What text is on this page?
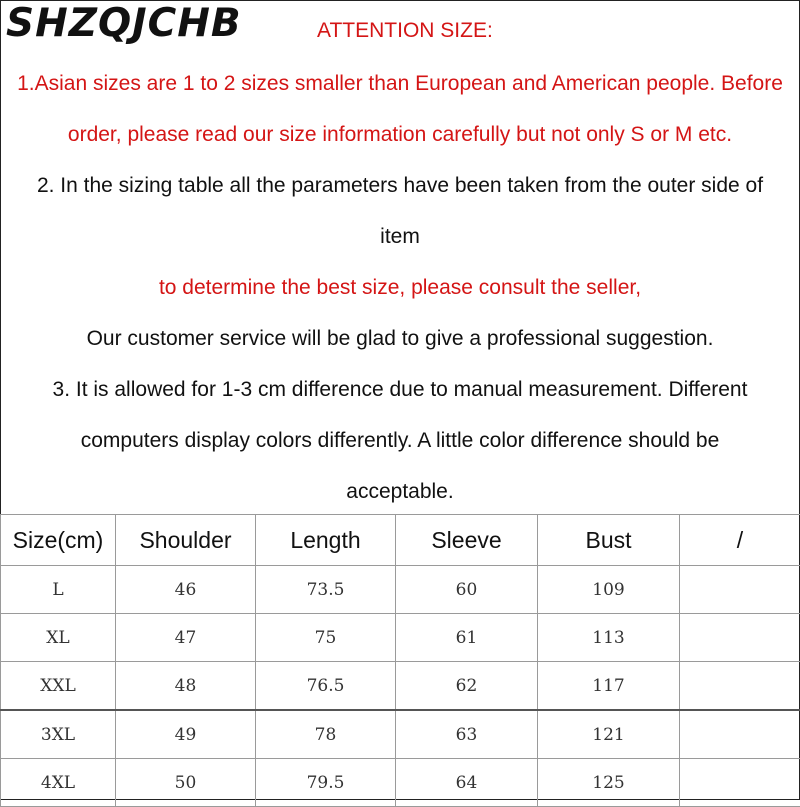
SHZQJCHB	ATTENTION SIZE:
1.Asian sizes are 1 to 2 sizes smaller than European and American people. Before
order, please read our size information carefully but not only S or M etc.
2. In the sizing table all the parameters have been taken from the outer side of
item
to determine the best size, please consult the seller,
Our customer service will be glad to give a professional suggestion.
3. It is allowed for 1-3 cm difference due to manual measurement. Different
computers display colors differently. A little color difference should be
acceptable.
Size(cm)	Shoulder	Length	Sleeve	Bust	/
L	46	73.5	60	109	
XL	47	75	61	113	
XXL	48	76.5	62	117	
3XL	49	78	63	121	
4XL	50	79.5	64	125	
